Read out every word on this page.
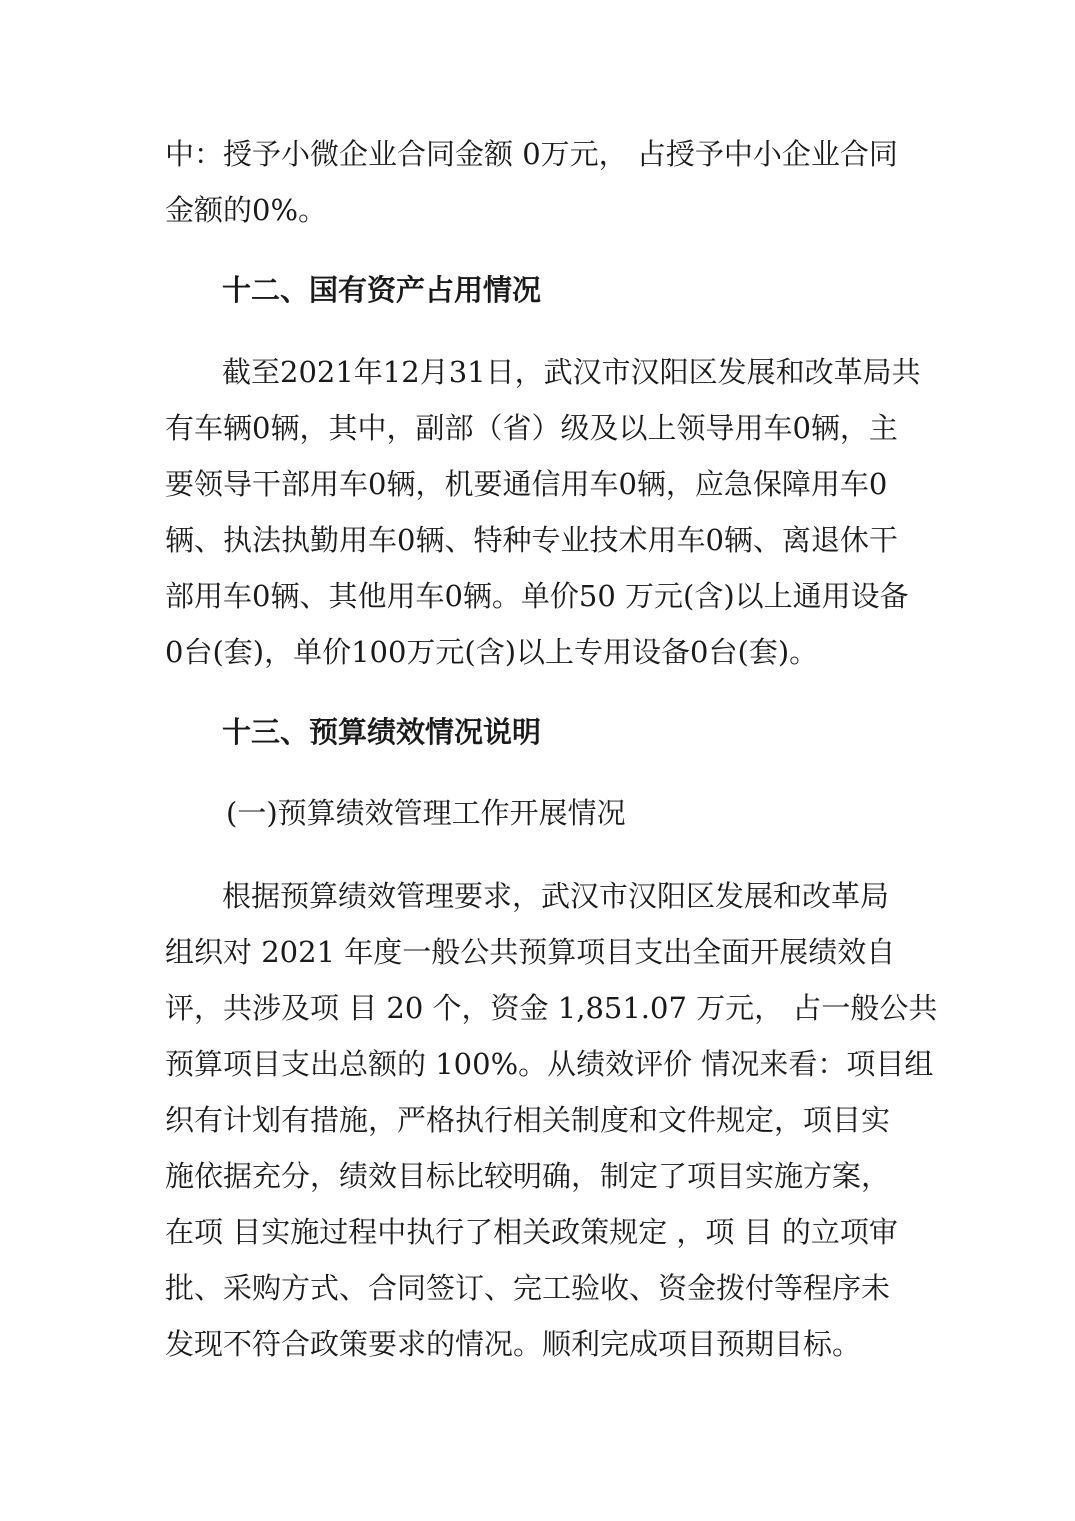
中：授予小微企业合同金额 0万元， 占授予中小企业合同

金额的0%。

十二、国有资产占用情况

截至2021年12月31日，武汉市汉阳区发展和改革局共

有车辆0辆，其中，副部（省）级及以上领导用车0辆，主

要领导干部用车0辆，机要通信用车0辆，应急保障用车0

辆、执法执勤用车0辆、特种专业技术用车0辆、离退休干

部用车0辆、其他用车0辆。单价50 万元(含)以上通用设备

0台(套)，单价100万元(含)以上专用设备0台(套)。

十三、预算绩效情况说明
(一)预算绩效管理工作开展情况

根据预算绩效管理要求，武汉市汉阳区发展和改革局

组织对 2021 年度一般公共预算项目支出全面开展绩效自

评，共涉及项 目 20 个，资金 1,851.07 万元， 占一般公共

预算项目支出总额的 100%。从绩效评价 情况来看：项目组

织有计划有措施，严格执行相关制度和文件规定，项目实

施依据充分，绩效目标比较明确，制定了项目实施方案，

在项 目实施过程中执行了相关政策规定 ，项 目 的立项审

批、采购方式、合同签订、完工验收、资金拨付等程序未

发现不符合政策要求的情况。顺利完成项目预期目标。
